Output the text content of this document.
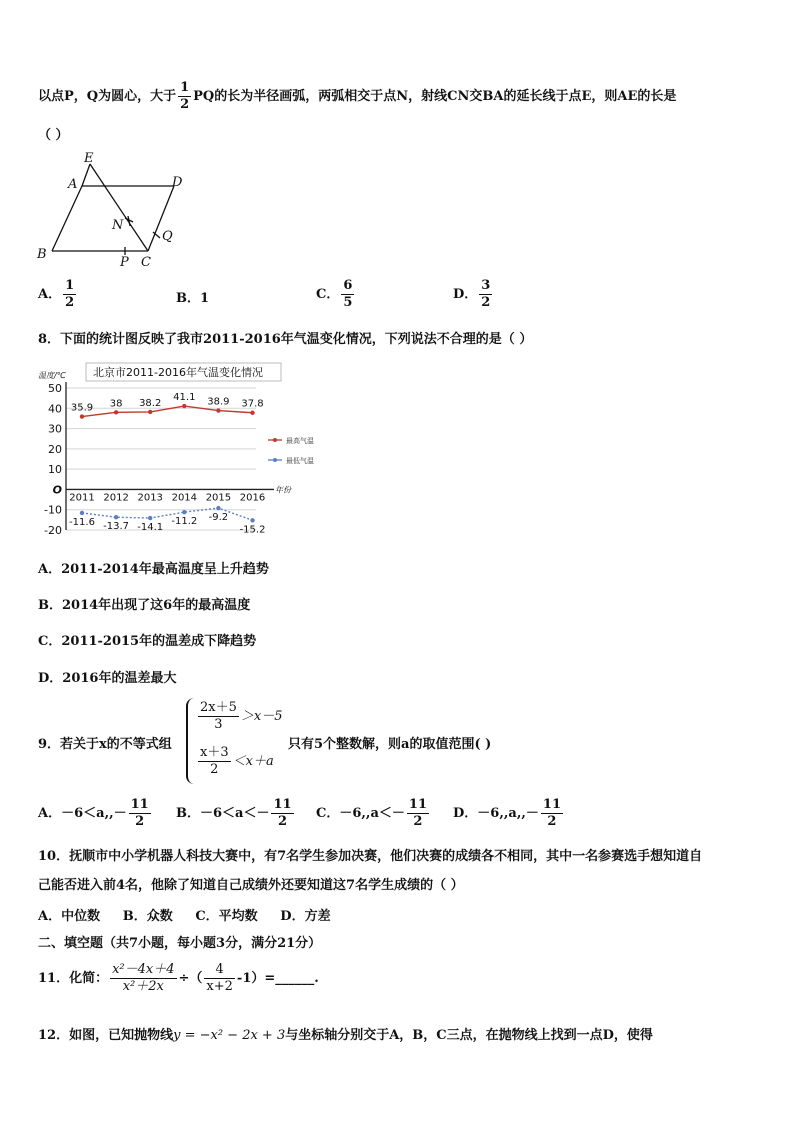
以点P，Q为圆心，大于 $\frac{1}{2}$ PQ的长为半径画弧，两弧相交于点N，射线CN交BA的延长线于点E，则AE的长是
（ ）
E
A	D
B
C
N
P
Q
A． $\frac{1}{2}$	B．1	C． $\frac{6}{5}$	D． $\frac{3}{2}$
8．下面的统计图反映了我市2011-2016年气温变化情况，下列说法不合理的是（ ）
北京市2011-2016年气温变化情况
温度/℃
50
40
30
20
10
O
-10
-20
年份
2011 2012 2013 2014 2015 2016
35.9 38 38.2
41.1 38.9 37.8
最高气温
-11.6 -13.7 -14.1
-11.2 -9.2
-15.2
最低气温
A．2011-2014年最高温度呈上升趋势
B．2014年出现了这6年的最高温度
C．2011-2015年的温差成下降趋势
D．2016年的温差最大
9．若关于x的不等式组
$\frac{2x+5}{3} >x-5$
$\frac{x+3}{2} <x+a$
只有5个整数解，则a的取值范围( )
A．$-6<a,,- \frac{11}{2}$ B．$-6<a<- \frac{11}{2}$ C．$-6,,a<- \frac{11}{2}$ D．$-6,,a,,- \frac{11}{2}$
10．抚顺市中小学机器人科技大赛中，有7名学生参加决赛，他们决赛的成绩各不相同，其中一名参赛选手想知道自
己能否进入前4名，他除了知道自己成绩外还要知道这7名学生成绩的（ ）
A．中位数     B．众数     C．平均数     D．方差
二、填空题（共7小题，每小题3分，满分21分）
11．化简： $\frac{\text{x²－4x＋4}}{\text{x²＋2x}}$ ÷（ $\frac{4}{x+2}$ -1）=______.
12．如图，已知抛物线y = −x² − 2x + 3与坐标轴分别交于A，B，C三点，在抛物线上找到一点D，使得
